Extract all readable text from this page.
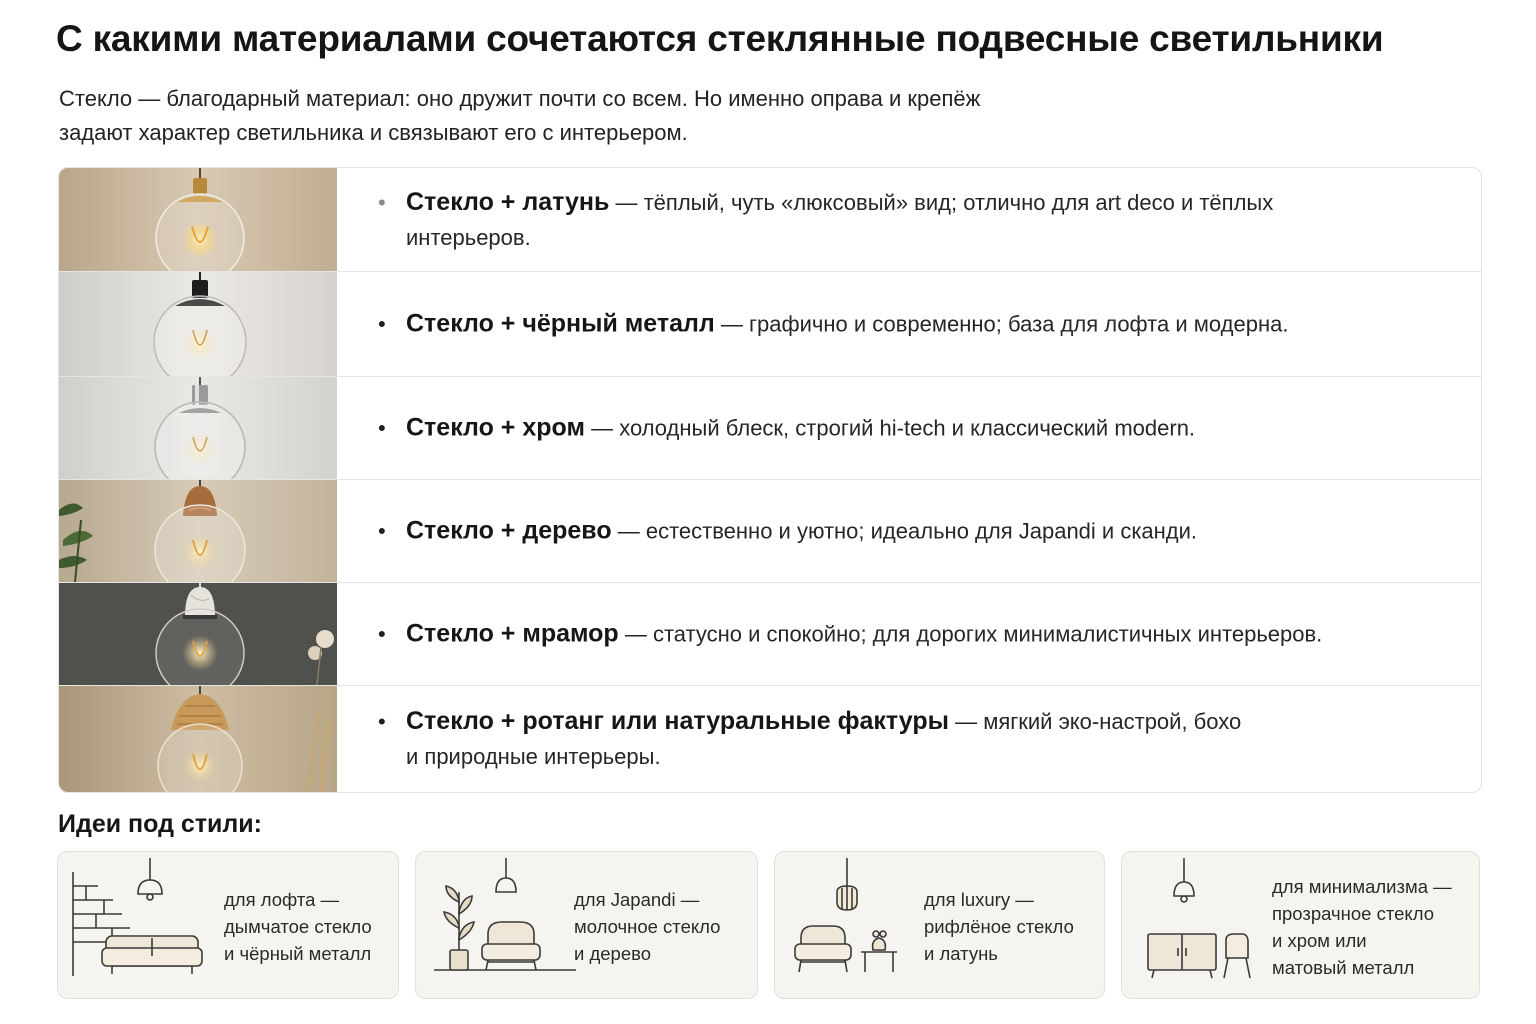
С какими материалами сочетаются стеклянные подвесные светильники
Стекло — благодарный материал: оно дружит почти со всем. Но именно оправа и крепёж
задают характер светильника и связывают его с интерьером.
• Стекло + латунь — тёплый, чуть «люксовый» вид; отлично для art deco и тёплых
интерьеров.
• Стекло + чёрный металл — графично и современно; база для лофта и модерна.
• Стекло + хром — холодный блеск, строгий hi-tech и классический modern.
• Стекло + дерево — естественно и уютно; идеально для Japandi и сканди.
• Стекло + мрамор — статусно и спокойно; для дорогих минималистичных интерьеров.
• Стекло + ротанг или натуральные фактуры — мягкий эко-настрой, бохо
и природные интерьеры.
Идеи под стили:
для лофта —
дымчатое стекло
и чёрный металл
для Japandi —
молочное стекло
и дерево
для luxury —
рифлёное стекло
и латунь
для минимализма —
прозрачное стекло
и хром или
матовый металл
